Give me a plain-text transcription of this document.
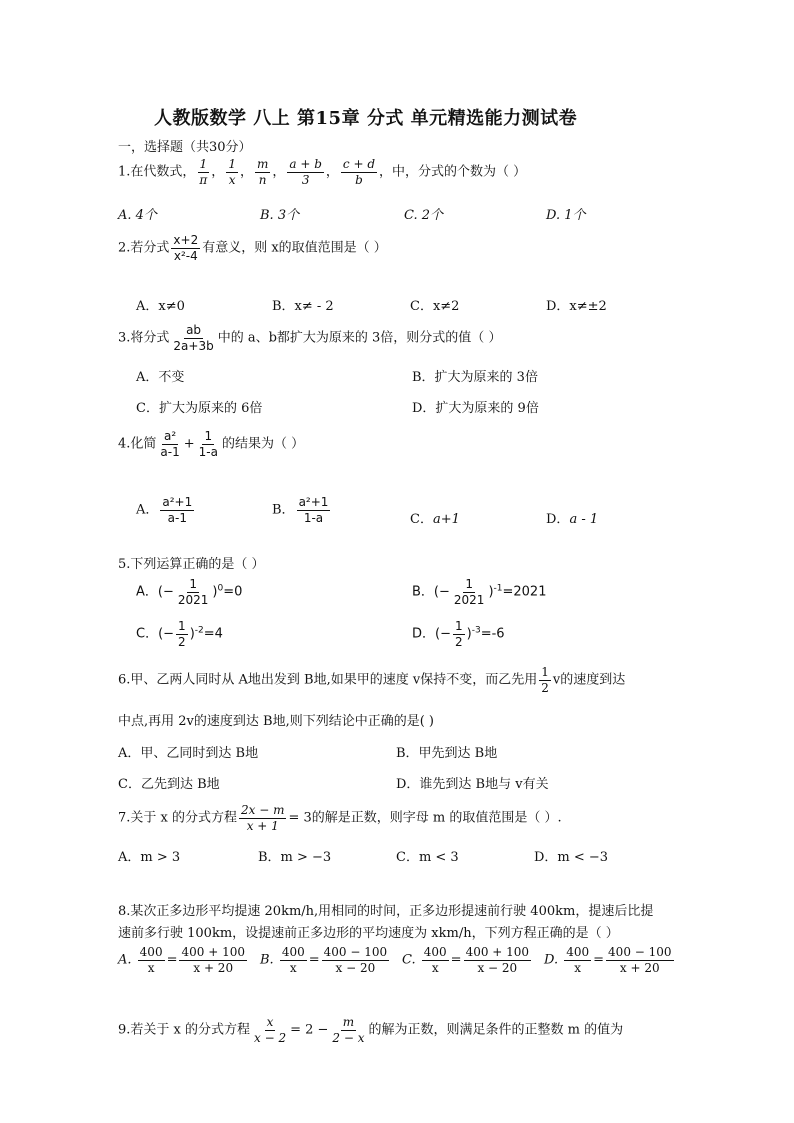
人教版数学 八上 第15章 分式 单元精选能力测试卷
一，选择题（共30分）
1.在代数式， $\frac{1}{\pi}$ ， $\frac{1}{x}$ ， $\frac{m}{n}$ ， $\frac{a + b}{3}$ ， $\frac{c + d}{b}$ ，中，分式的个数为（ ）
A. 4个	B. 3个	C. 2个	D. 1个
2.若分式 $\frac{x+2}{\text{x²-4}}$ 有意义，则 x的取值范围是（ ）
A．x≠0	B．x≠ - 2	C．x≠2	D．x≠±2
3.将分式 $\frac{ab}{2a+3b}$ 中的 a、b都扩大为原来的 3倍，则分式的值（ ）
A．不变	B．扩大为原来的 3倍
C．扩大为原来的 6倍	D．扩大为原来的 9倍
4.化简 $\frac{\text{a²}}{a-1} + \frac{1}{1-a}$ 的结果为（ ）
A． $\frac{\text{a²+1}}{a-1}$	B． $\frac{\text{a²+1}}{1-a}$	C．a+1	D．a - 1
5.下列运算正确的是（ ）
A．(− $\frac{1}{2021} )^0=0$	B．(− $\frac{1}{2021} )^{-1}=2021$
C．(− $\frac{1}{2} )^{-2}=4$	D．(− $\frac{1}{2} )^{-3}=-6$
6.甲、乙两人同时从 A地出发到 B地,如果甲的速度 v保持不变，而乙先用 $\frac{1}{2}$ v的速度到达
中点,再用 2v的速度到达 B地,则下列结论中正确的是( )
A．甲、乙同时到达 B地	B．甲先到达 B地
C．乙先到达 B地	D．谁先到达 B地与 v有关
7.关于 x 的分式方程 $\frac{2x - m}{x + 1} = 3$的解是正数，则字母 m 的取值范围是（ ）.
A．m > 3	B．m > −3	C．m < 3	D．m < −3
8.某次正多边形平均提速 20km/h,用相同的时间，正多边形提速前行驶 400km，提速后比提
速前多行驶 100km，设提速前正多边形的平均速度为 xkm/h，下列方程正确的是（ ）
A. $\frac{400}{x} = \frac{400 + 100}{x + 20} B$. $\frac{400}{x} = \frac{400 - 100}{x - 20} C$. $\frac{400}{x} = \frac{400 + 100}{x - 20} D$. $\frac{400}{x} = \frac{400 - 100}{x + 20}$
9.若关于 x 的分式方程 $\frac{x}{x - 2} = 2 - \frac{m}{2 - x}$ 的解为正数，则满足条件的正整数 m 的值为
